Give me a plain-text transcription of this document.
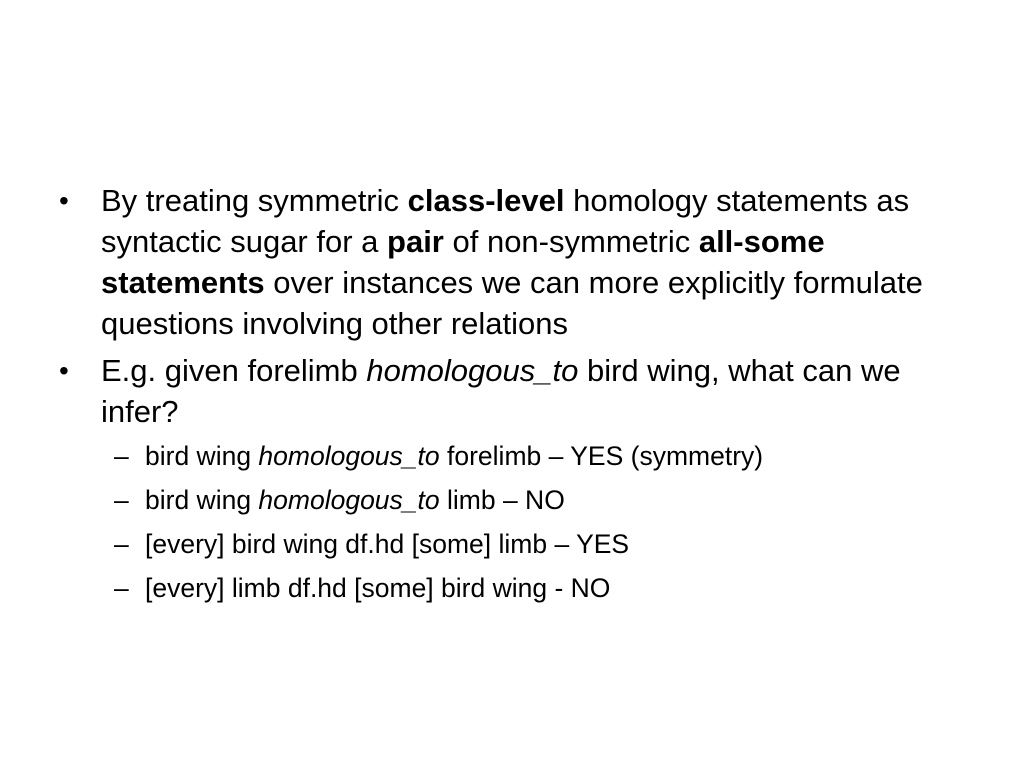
• By treating symmetric class-level homology statements as syntactic sugar for a pair of non-symmetric all-some statements over instances we can more explicitly formulate questions involving other relations
• E.g. given forelimb homologous_to bird wing, what can we infer?
– bird wing homologous_to forelimb – YES (symmetry)
– bird wing homologous_to limb – NO
– [every] bird wing df.hd [some] limb – YES
– [every] limb df.hd [some] bird wing - NO
